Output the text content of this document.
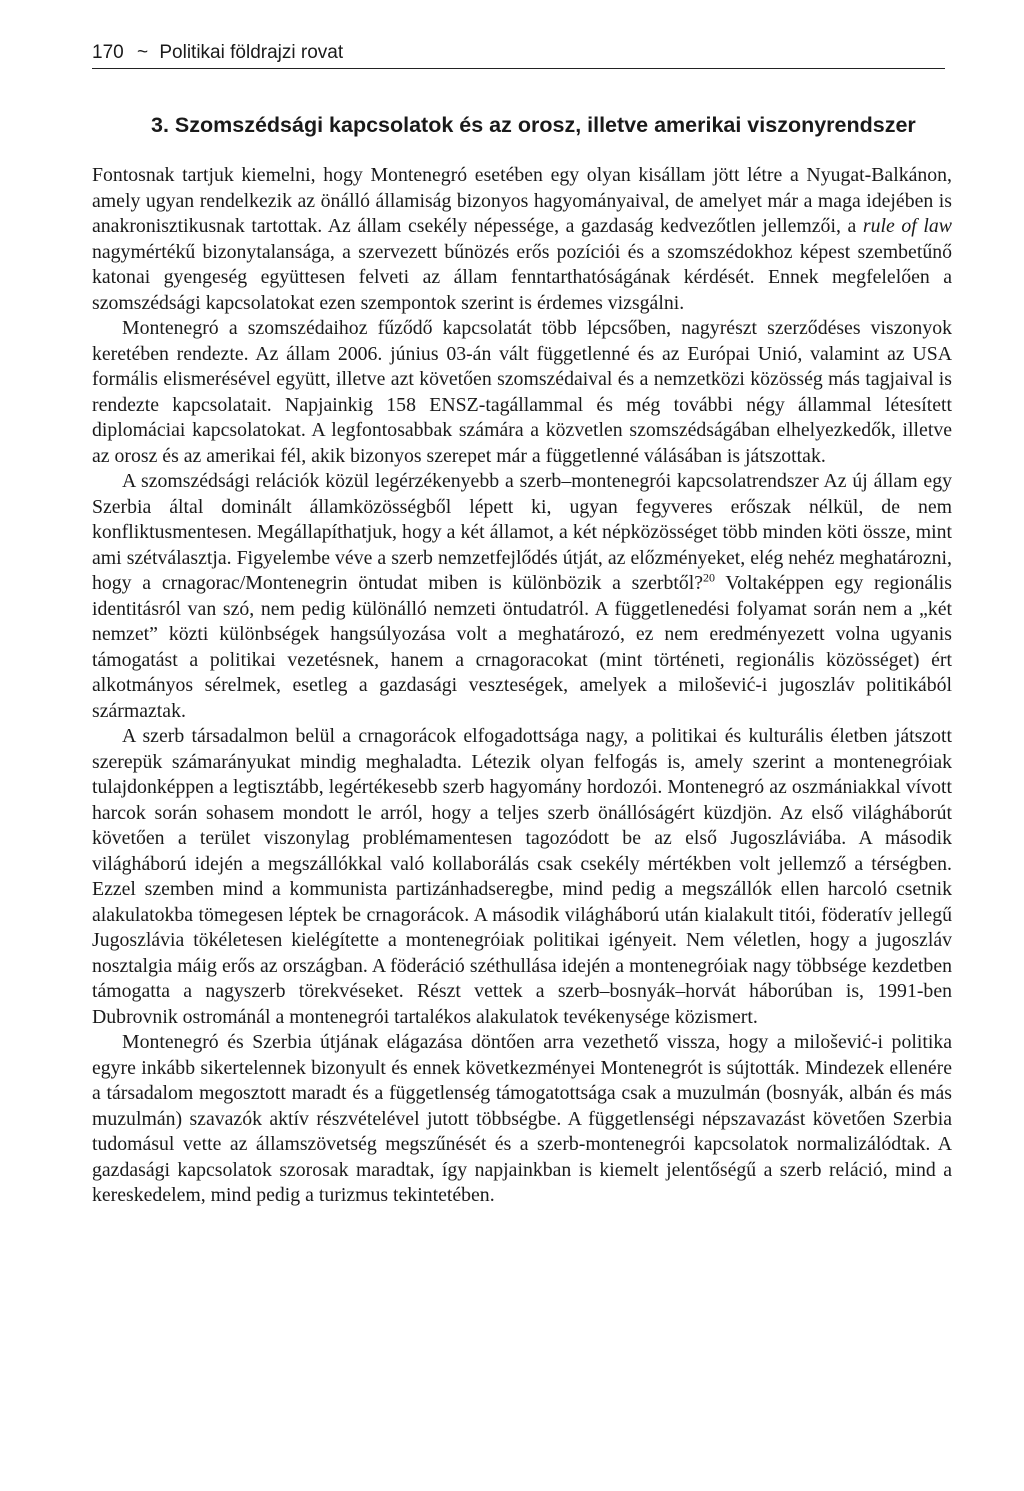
170 ~ Politikai földrajzi rovat
3. Szomszédsági kapcsolatok és az orosz, illetve amerikai viszonyrendszer

Fontosnak tartjuk kiemelni, hogy Montenegró esetében egy olyan kisállam jött létre a Nyugat-Balkánon, amely ugyan rendelkezik az önálló államiság bizonyos hagyományaival, de amelyet már a maga idejében is anakronisztikusnak tartottak. Az állam csekély népessége, a gazdaság kedvezőtlen jellemzői, a rule of law nagymértékű bizonytalansága, a szervezett bűnözés erős pozíciói és a szomszédokhoz képest szembetűnő katonai gyengeség együttesen felveti az állam fenntarthatóságának kérdését. Ennek megfelelően a szomszédsági kapcsolatokat ezen szempontok szerint is érdemes vizsgálni.

Montenegró a szomszédaihoz fűződő kapcsolatát több lépcsőben, nagyrészt szerződéses viszonyok keretében rendezte. Az állam 2006. június 03-án vált függetlenné és az Európai Unió, valamint az USA formális elismerésével együtt, illetve azt követően szomszédaival és a nemzetközi közösség más tagjaival is rendezte kapcsolatait. Napjainkig 158 ENSZ-tagállammal és még további négy állammal létesített diplomáciai kapcsolatokat. A legfontosabbak számára a közvetlen szomszédságában elhelyezkedők, illetve az orosz és az amerikai fél, akik bizonyos szerepet már a függetlenné válásában is játszottak.

A szomszédsági relációk közül legérzékenyebb a szerb–montenegrói kapcsolatrendszer Az új állam egy Szerbia által dominált államközösségből lépett ki, ugyan fegyveres erőszak nélkül, de nem konfliktusmentesen. Megállapíthatjuk, hogy a két államot, a két népközösséget több minden köti össze, mint ami szétválasztja. Figyelembe véve a szerb nemzetfejlődés útját, az előzményeket, elég nehéz meghatározni, hogy a crnagorac/Montenegrin öntudat miben is különbözik a szerbtől?$^{20}$ Voltaképpen egy regionális identitásról van szó, nem pedig különálló nemzeti öntudatról. A függetlenedési folyamat során nem a „két nemzet” közti különbségek hangsúlyozása volt a meghatározó, ez nem eredményezett volna ugyanis támogatást a politikai vezetésnek, hanem a crnagoracokat (mint történeti, regionális közösséget) ért alkotmányos sérelmek, esetleg a gazdasági veszteségek, amelyek a milošević-i jugoszláv politikából származtak.

A szerb társadalmon belül a crnagorácok elfogadottsága nagy, a politikai és kulturális életben játszott szerepük számarányukat mindig meghaladta. Létezik olyan felfogás is, amely szerint a montenegróiak tulajdonképpen a legtisztább, legértékesebb szerb hagyomány hordozói. Montenegró az oszmániakkal vívott harcok során sohasem mondott le arról, hogy a teljes szerb önállóságért küzdjön. Az első világháborút követően a terület viszonylag problémamentesen tagozódott be az első Jugoszláviába. A második világháború idején a megszállókkal való kollaborálás csak csekély mértékben volt jellemző a térségben. Ezzel szemben mind a kommunista partizánhadseregbe, mind pedig a megszállók ellen harcoló csetnik alakulatokba tömegesen léptek be crnagorácok. A második világháború után kialakult titói, föderatív jellegű Jugoszlávia tökéletesen kielégítette a montenegróiak politikai igényeit. Nem véletlen, hogy a jugoszláv nosztalgia máig erős az országban. A föderáció széthullása idején a montenegróiak nagy többsége kezdetben támogatta a nagyszerb törekvéseket. Részt vettek a szerb–bosnyák–horvát háborúban is, 1991-ben Dubrovnik ostrománál a montenegrói tartalékos alakulatok tevékenysége közismert.

Montenegró és Szerbia útjának elágazása döntően arra vezethető vissza, hogy a milošević-i politika egyre inkább sikertelennek bizonyult és ennek következményei Montenegrót is sújtották. Mindezek ellenére a társadalom megosztott maradt és a függetlenség támogatottsága csak a muzulmán (bosnyák, albán és más muzulmán) szavazók aktív részvételével jutott többségbe. A függetlenségi népszavazást követően Szerbia tudomásul vette az államszövetség megszűnését és a szerb-montenegrói kapcsolatok normalizálódtak. A gazdasági kapcsolatok szorosak maradtak, így napjainkban is kiemelt jelentőségű a szerb reláció, mind a kereskedelem, mind pedig a turizmus tekintetében.
